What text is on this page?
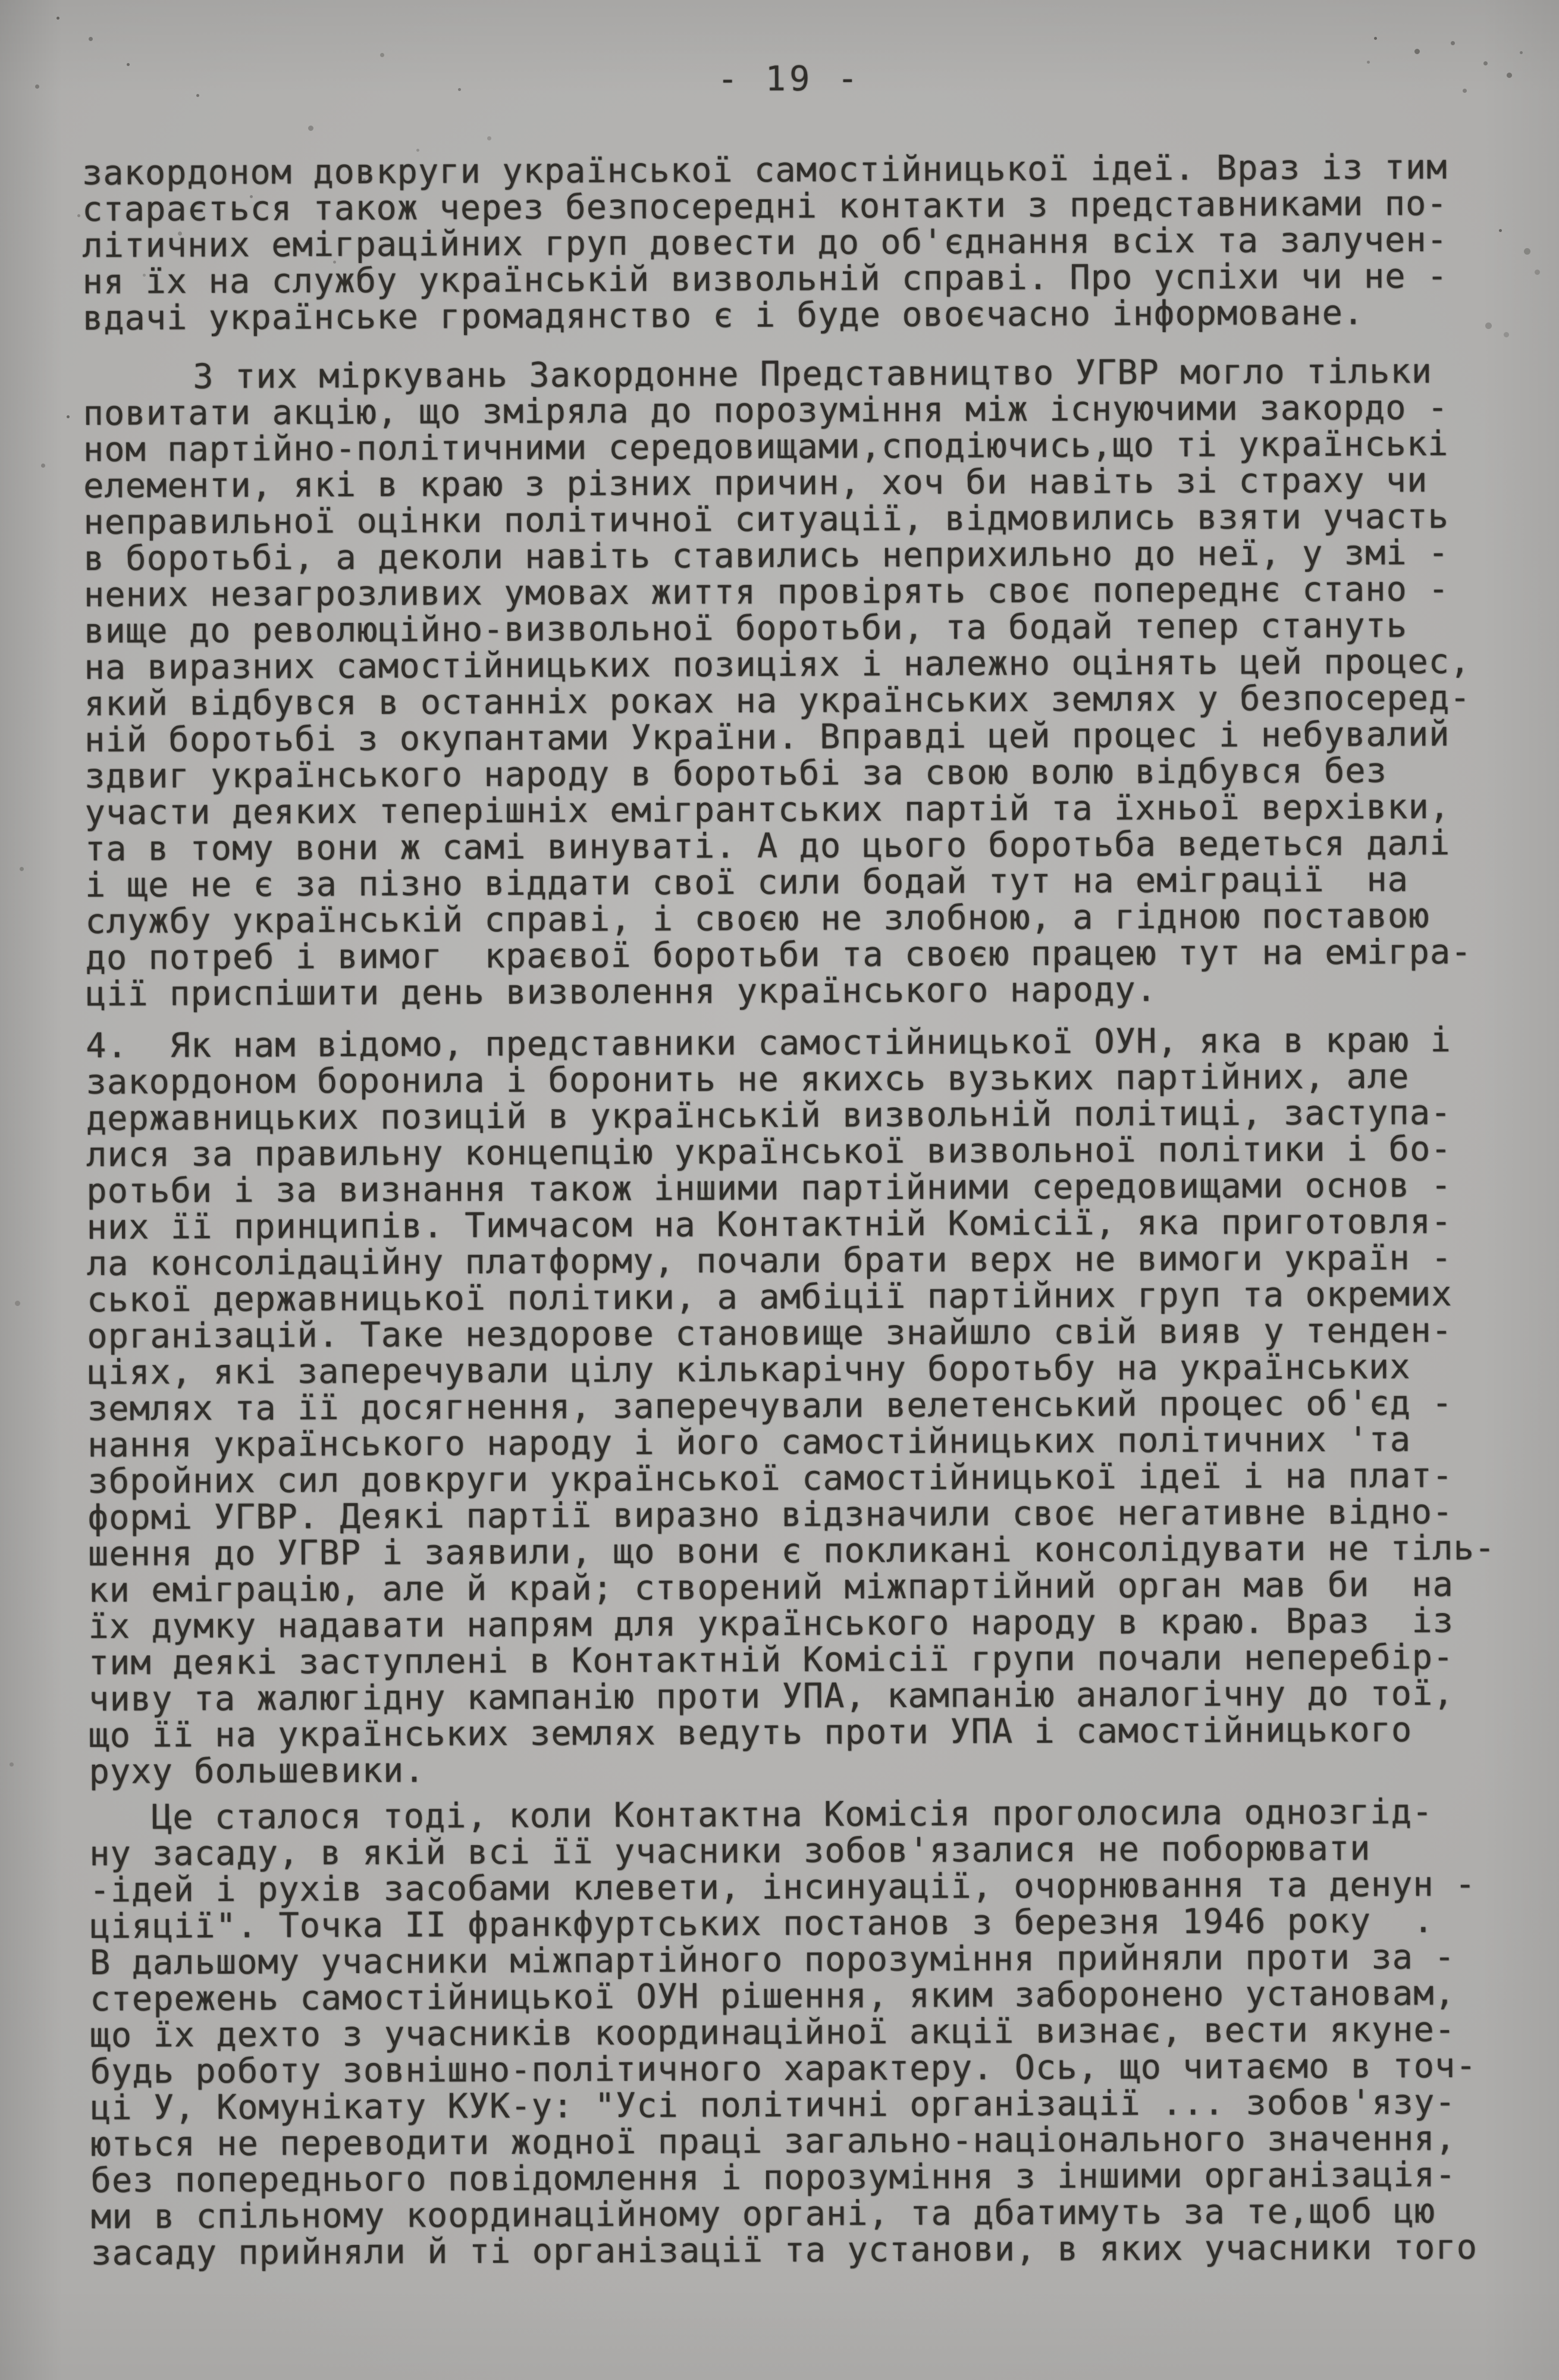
- 19 -
закордоном довкруги української самостійницької ідеї. Враз із тим
старається також через безпосередні контакти з представниками по-
літичних еміграційних груп довести до об'єднання всіх та залучен-
ня їх на службу українській визвольній справі. Про успіхи чи не -
вдачі українське громадянство є і буде овоєчасно інформоване.
З тих міркувань Закордонне Представництво УГВР могло тільки
повитати акцію, що зміряла до порозуміння між існуючими закордо -
ном партійно-політичними середовищами,сподіючись,що ті українські
елементи, які в краю з різних причин, хоч би навіть зі страху чи
неправильної оцінки політичної ситуації, відмовились взяти участь
в боротьбі, а деколи навіть ставились неприхильно до неї, у змі -
нених незагрозливих умовах життя провірять своє попереднє стано -
вище до революційно-визвольної боротьби, та бодай тепер стануть
на виразних самостійницьких позиціях і належно оцінять цей процес,
який відбувся в останніх роках на українських землях у безпосеред-
ній боротьбі з окупантами України. Вправді цей процес і небувалий
здвиг українського народу в боротьбі за свою волю відбувся без
участи деяких теперішніх емігрантських партій та їхньої верхівки,
та в тому вони ж самі винуваті. А до цього боротьба ведеться далі
і ще не є за пізно віддати свої сили бодай тут на еміграції  на
службу українській справі, і своєю не злобною, а гідною поставою
до потреб і вимог  краєвої боротьби та своєю працею тут на емігра-
ції приспішити день визволення українського народу.
4.  Як нам відомо, представники самостійницької ОУН, яка в краю і
закордоном боронила і боронить не якихсь вузьких партійних, але
державницьких позицій в українській визвольній політиці, заступа-
лися за правильну концепцію української визвольної політики і бо-
ротьби і за визнання також іншими партійними середовищами основ -
них її принципів. Тимчасом на Контактній Комісії, яка приготовля-
ла консолідаційну платформу, почали брати верх не вимоги україн -
ської державницької політики, а амбіції партійних груп та окремих
організацій. Таке нездорове становище знайшло свій вияв у тенден-
ціях, які заперечували цілу кількарічну боротьбу на українських
землях та її досягнення, заперечували велетенський процес об'єд -
нання українського народу і його самостійницьких політичних 'та
збройних сил довкруги української самостійницької ідеї і на плат-
формі УГВР. Деякі партії виразно відзначили своє негативне відно-
шення до УГВР і заявили, що вони є покликані консолідувати не тіль-
ки еміграцію, але й край; створений міжпартійний орган мав би  на
їх думку надавати напрям для українського народу в краю. Враз  із
тим деякі заступлені в Контактній Комісії групи почали неперебір-
чиву та жалюгідну кампанію проти УПА, кампанію аналогічну до тої,
що її на українських землях ведуть проти УПА і самостійницького
руху большевики.
Це сталося тоді, коли Контактна Комісія проголосила однозгід-
ну засаду, в якій всі її учасники зобов'язалися не поборювати
-ідей і рухів засобами клевети, інсинуації, очорнювання та денун -
ціяції". Точка II франкфуртських постанов з березня 1946 року  .
В дальшому учасники міжпартійного порозуміння прийняли проти за -
стережень самостійницької ОУН рішення, яким заборонено установам,
що їх дехто з учасників координаційної акції визнає, вести якуне-
будь роботу зовнішно-політичного характеру. Ось, що читаємо в точ-
ці У, Комунікату КУК-у: "Усі політичні організації ... зобов'язу-
ються не переводити жодної праці загально-національного значення,
без попереднього повідомлення і порозуміння з іншими організація-
ми в спільному координаційному органі, та дбатимуть за те,щоб цю
засаду прийняли й ті організації та установи, в яких учасники того
